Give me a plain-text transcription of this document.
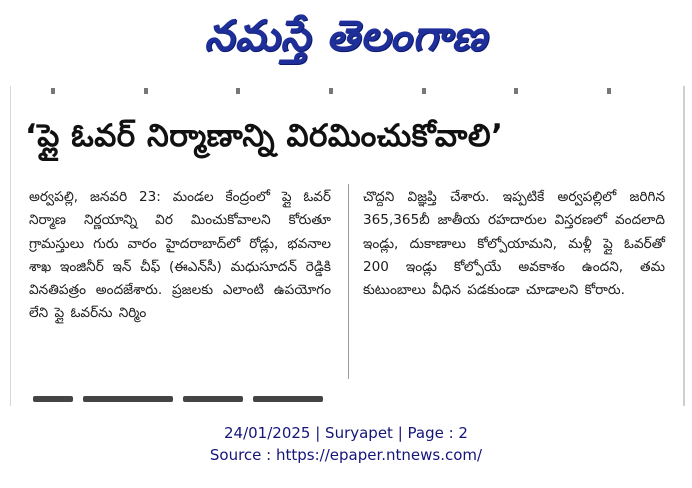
నమస్తే తెలంగాణ
‘ప్లై ఓవర్ నిర్మాణాన్ని విరమించుకోవాలి’
అర్వపల్లి, జనవరి 23: మండల కేంద్రంలో ప్లై ఓవర్ నిర్మాణ నిర్ణయాన్ని విర మించుకోవాలని కోరుతూ గ్రామస్తులు గురు వారం హైదరాబాద్‌లో రోడ్లు, భవనాల శాఖ ఇంజినీర్ ఇన్ చీఫ్ (ఈఎన్‌సీ) మధుసూదన్ రెడ్డికి వినతిపత్రం అందజేశారు. ప్రజలకు ఎలాంటి ఉపయోగం లేని ప్లై ఓవర్‌ను నిర్మిం
చొద్దని విజ్ఞప్తి చేశారు. ఇప్పటికే అర్వపల్లిలో జరిగిన 365,365బీ జాతీయ రహదారుల విస్తరణలో వందలాది ఇండ్లు, దుకాణాలు కోల్పోయామని, మళ్లీ ప్లై ఓవర్‌తో 200 ఇండ్లు కోల్పోయే అవకాశం ఉందని, తమ కుటుంబాలు వీధిన పడకుండా చూడాలని కోరారు.
24/01/2025 | Suryapet | Page : 2
Source : https://epaper.ntnews.com/
